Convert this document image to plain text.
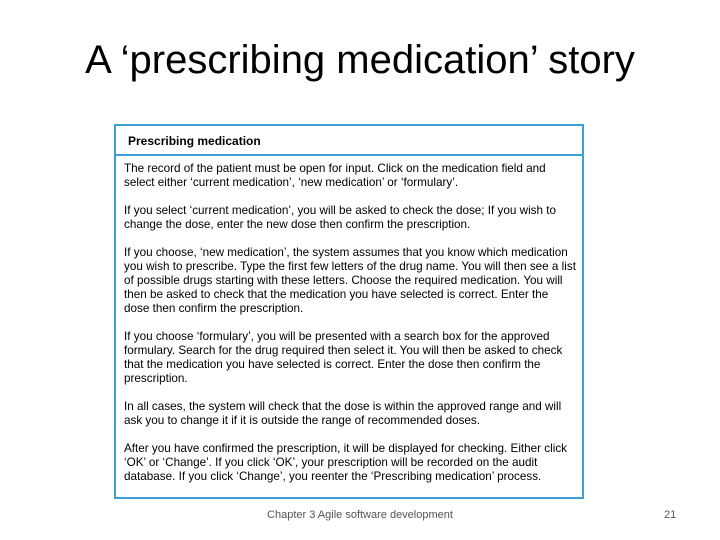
A ‘prescribing medication’ story
Prescribing medication

The record of the patient must be open for input. Click on the medication field and select either ‘current medication’, ‘new medication’ or ‘formulary’.

If you select ‘current medication’, you will be asked to check the dose; If you wish to change the dose, enter the new dose then confirm the prescription.

If you choose, ‘new medication’, the system assumes that you know which medication you wish to prescribe. Type the first few letters of the drug name. You will then see a list of possible drugs starting with these letters. Choose the required medication. You will then be asked to check that the medication you have selected is correct. Enter the dose then confirm the prescription.

If you choose ‘formulary’, you will be presented with a search box for the approved formulary. Search for the drug required then select it. You will then be asked to check that the medication you have selected is correct. Enter the dose then confirm the prescription.

In all cases, the system will check that the dose is within the approved range and will ask you to change it if it is outside the range of recommended doses.

After you have confirmed the prescription, it will be displayed for checking. Either click ‘OK’ or ‘Change’. If you click ‘OK’, your prescription will be recorded on the audit database. If you click ‘Change’, you reenter the ‘Prescribing medication’ process.

Chapter 3 Agile software development	21
